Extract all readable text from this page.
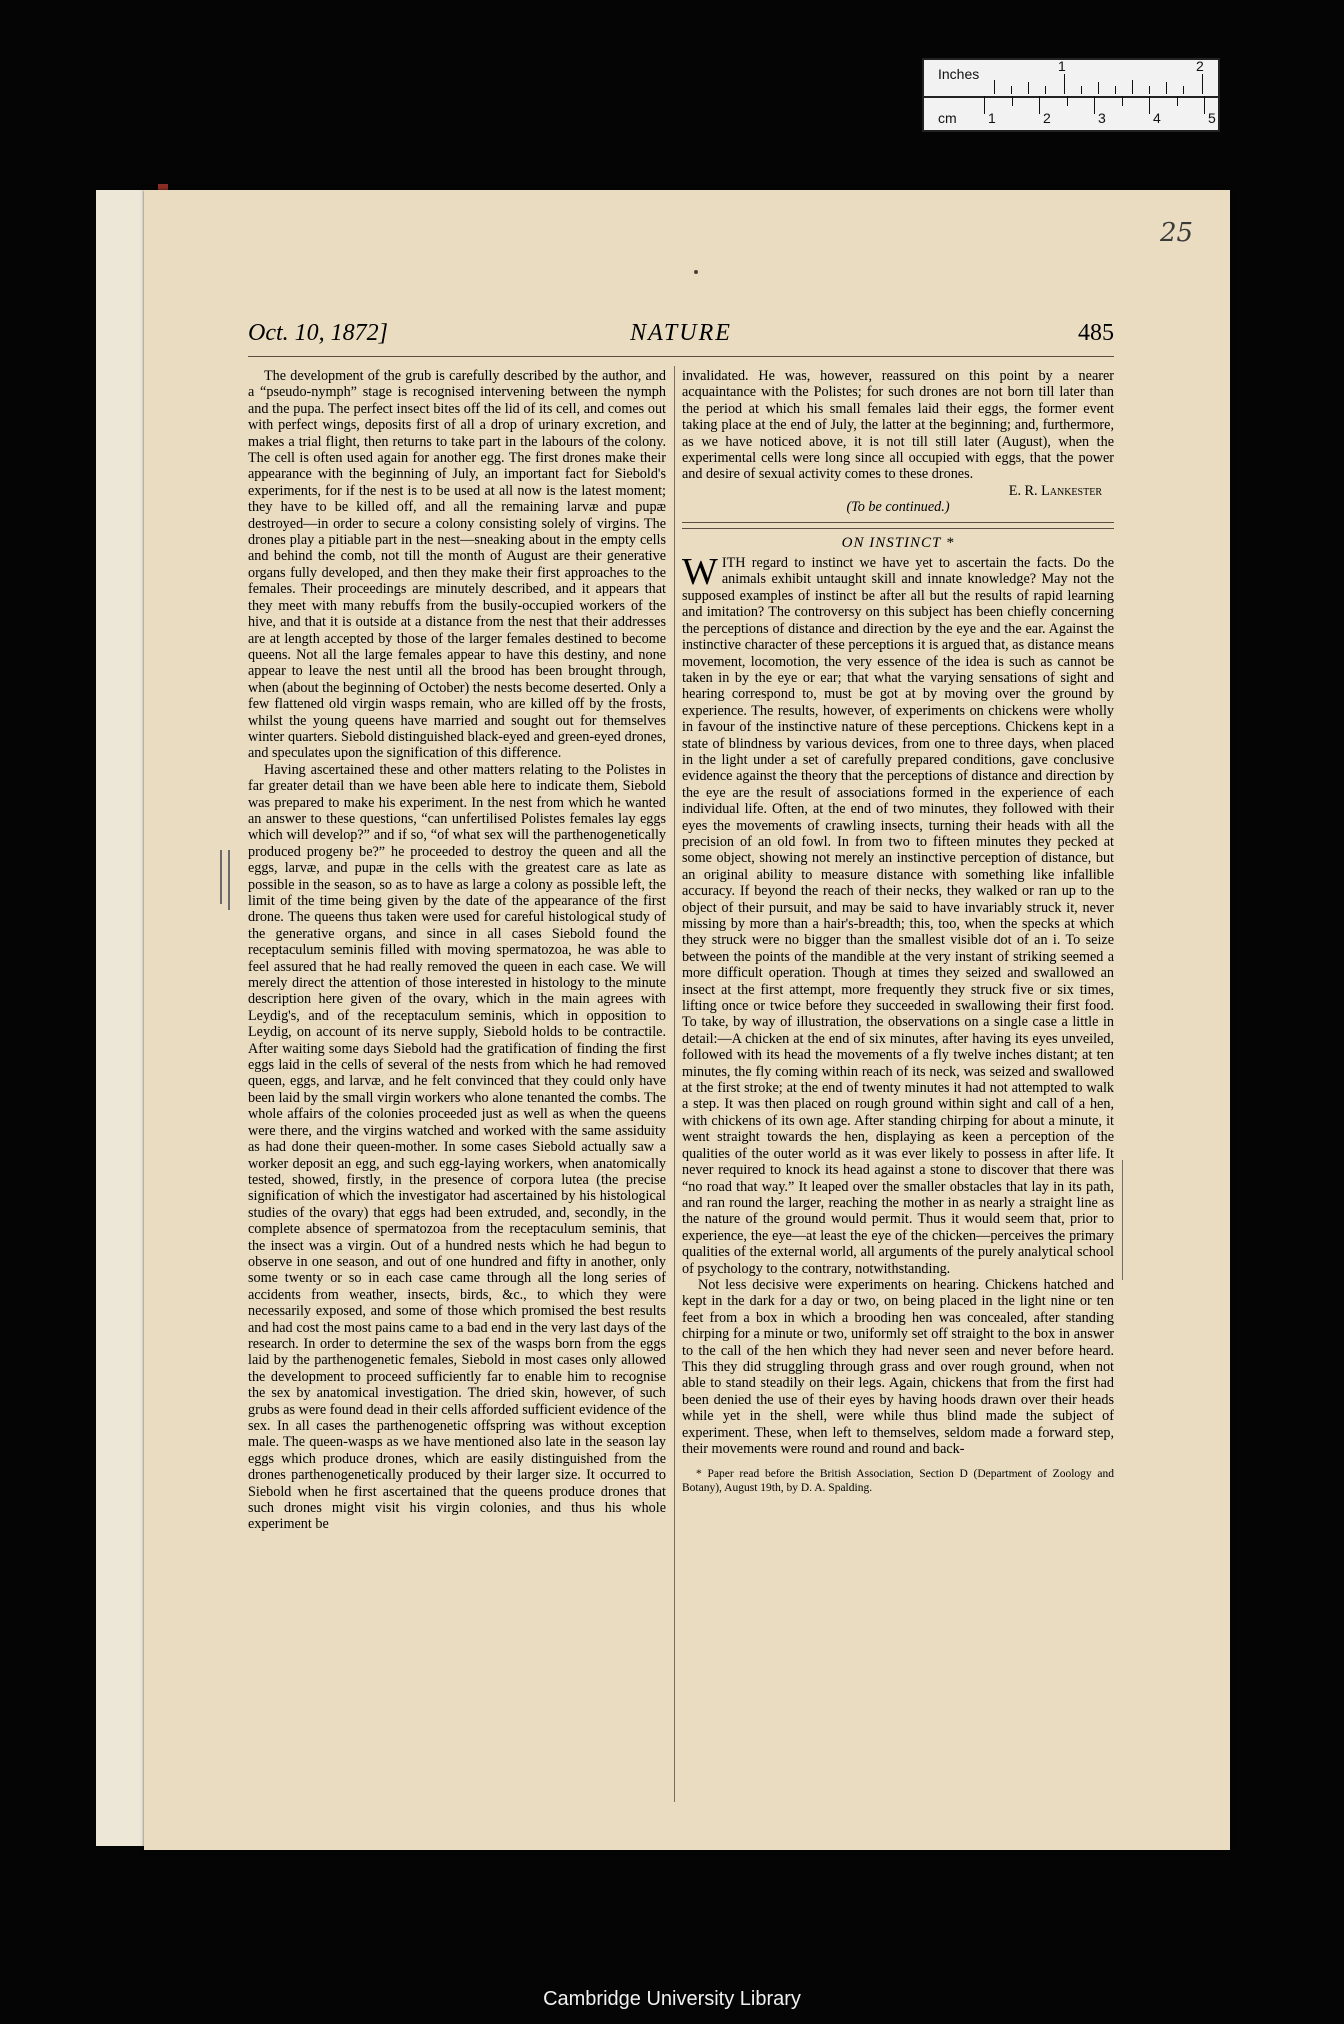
Inches	1	2
cm 1	2	3	4	5
25
Oct. 10, 1872]	NATURE	485

The development of the grub is carefully described by the author, and a “pseudo-nymph” stage is recognised intervening between the nymph and the pupa. The perfect insect bites off the lid of its cell, and comes out with perfect wings, deposits first of all a drop of urinary excretion, and makes a trial flight, then returns to take part in the labours of the colony. The cell is often used again for another egg. The first drones make their appearance with the beginning of July, an important fact for Siebold's experiments, for if the nest is to be used at all now is the latest moment; they have to be killed off, and all the remaining larvæ and pupæ destroyed—in order to secure a colony consisting solely of virgins. The drones play a pitiable part in the nest—sneaking about in the empty cells and behind the comb, not till the month of August are their generative organs fully developed, and then they make their first approaches to the females. Their proceedings are minutely described, and it appears that they meet with many rebuffs from the busily-occupied workers of the hive, and that it is outside at a distance from the nest that their addresses are at length accepted by those of the larger females destined to become queens. Not all the large females appear to have this destiny, and none appear to leave the nest until all the brood has been brought through, when (about the beginning of October) the nests become deserted. Only a few flattened old virgin wasps remain, who are killed off by the frosts, whilst the young queens have married and sought out for themselves winter quarters. Siebold distinguished black-eyed and green-eyed drones, and speculates upon the signification of this difference.

Having ascertained these and other matters relating to the Polistes in far greater detail than we have been able here to indicate them, Siebold was prepared to make his experiment. In the nest from which he wanted an answer to these questions, “can unfertilised Polistes females lay eggs which will develop?” and if so, “of what sex will the parthenogenetically produced progeny be?” he proceeded to destroy the queen and all the eggs, larvæ, and pupæ in the cells with the greatest care as late as possible in the season, so as to have as large a colony as possible left, the limit of the time being given by the date of the appearance of the first drone. The queens thus taken were used for careful histological study of the generative organs, and since in all cases Siebold found the receptaculum seminis filled with moving spermatozoa, he was able to feel assured that he had really removed the queen in each case. We will merely direct the attention of those interested in histology to the minute description here given of the ovary, which in the main agrees with Leydig's, and of the receptaculum seminis, which in opposition to Leydig, on account of its nerve supply, Siebold holds to be contractile. After waiting some days Siebold had the gratification of finding the first eggs laid in the cells of several of the nests from which he had removed queen, eggs, and larvæ, and he felt convinced that they could only have been laid by the small virgin workers who alone tenanted the combs. The whole affairs of the colonies proceeded just as well as when the queens were there, and the virgins watched and worked with the same assiduity as had done their queen-mother. In some cases Siebold actually saw a worker deposit an egg, and such egg-laying workers, when anatomically tested, showed, firstly, in the presence of corpora lutea (the precise signification of which the investigator had ascertained by his histological studies of the ovary) that eggs had been extruded, and, secondly, in the complete absence of spermatozoa from the receptaculum seminis, that the insect was a virgin. Out of a hundred nests which he had begun to observe in one season, and out of one hundred and fifty in another, only some twenty or so in each case came through all the long series of accidents from weather, insects, birds, &c., to which they were necessarily exposed, and some of those which promised the best results and had cost the most pains came to a bad end in the very last days of the research. In order to determine the sex of the wasps born from the eggs laid by the parthenogenetic females, Siebold in most cases only allowed the development to proceed sufficiently far to enable him to recognise the sex by anatomical investigation. The dried skin, however, of such grubs as were found dead in their cells afforded sufficient evidence of the sex. In all cases the parthenogenetic offspring was without exception male. The queen-wasps as we have mentioned also late in the season lay eggs which produce drones, which are easily distinguished from the drones parthenogenetically produced by their larger size. It occurred to Siebold when he first ascertained that the queens produce drones that such drones might visit his virgin colonies, and thus his whole experiment be

invalidated. He was, however, reassured on this point by a nearer acquaintance with the Polistes; for such drones are not born till later than the period at which his small females laid their eggs, the former event taking place at the end of July, the latter at the beginning; and, furthermore, as we have noticed above, it is not till still later (August), when the experimental cells were long since all occupied with eggs, that the power and desire of sexual activity comes to these drones.

E. R. Lankester
(To be continued.)
ON INSTINCT *

WITH regard to instinct we have yet to ascertain the facts. Do the animals exhibit untaught skill and innate knowledge? May not the supposed examples of instinct be after all but the results of rapid learning and imitation? The controversy on this subject has been chiefly concerning the perceptions of distance and direction by the eye and the ear. Against the instinctive character of these perceptions it is argued that, as distance means movement, locomotion, the very essence of the idea is such as cannot be taken in by the eye or ear; that what the varying sensations of sight and hearing correspond to, must be got at by moving over the ground by experience. The results, however, of experiments on chickens were wholly in favour of the instinctive nature of these perceptions. Chickens kept in a state of blindness by various devices, from one to three days, when placed in the light under a set of carefully prepared conditions, gave conclusive evidence against the theory that the perceptions of distance and direction by the eye are the result of associations formed in the experience of each individual life. Often, at the end of two minutes, they followed with their eyes the movements of crawling insects, turning their heads with all the precision of an old fowl. In from two to fifteen minutes they pecked at some object, showing not merely an instinctive perception of distance, but an original ability to measure distance with something like infallible accuracy. If beyond the reach of their necks, they walked or ran up to the object of their pursuit, and may be said to have invariably struck it, never missing by more than a hair's-breadth; this, too, when the specks at which they struck were no bigger than the smallest visible dot of an i. To seize between the points of the mandible at the very instant of striking seemed a more difficult operation. Though at times they seized and swallowed an insect at the first attempt, more frequently they struck five or six times, lifting once or twice before they succeeded in swallowing their first food. To take, by way of illustration, the observations on a single case a little in detail:—A chicken at the end of six minutes, after having its eyes unveiled, followed with its head the movements of a fly twelve inches distant; at ten minutes, the fly coming within reach of its neck, was seized and swallowed at the first stroke; at the end of twenty minutes it had not attempted to walk a step. It was then placed on rough ground within sight and call of a hen, with chickens of its own age. After standing chirping for about a minute, it went straight towards the hen, displaying as keen a perception of the qualities of the outer world as it was ever likely to possess in after life. It never required to knock its head against a stone to discover that there was “no road that way.” It leaped over the smaller obstacles that lay in its path, and ran round the larger, reaching the mother in as nearly a straight line as the nature of the ground would permit. Thus it would seem that, prior to experience, the eye—at least the eye of the chicken—perceives the primary qualities of the external world, all arguments of the purely analytical school of psychology to the contrary, notwithstanding.

Not less decisive were experiments on hearing. Chickens hatched and kept in the dark for a day or two, on being placed in the light nine or ten feet from a box in which a brooding hen was concealed, after standing chirping for a minute or two, uniformly set off straight to the box in answer to the call of the hen which they had never seen and never before heard. This they did struggling through grass and over rough ground, when not able to stand steadily on their legs. Again, chickens that from the first had been denied the use of their eyes by having hoods drawn over their heads while yet in the shell, were while thus blind made the subject of experiment. These, when left to themselves, seldom made a forward step, their movements were round and round and back-

* Paper read before the British Association, Section D (Department of Zoology and Botany), August 19th, by D. A. Spalding.
Cambridge University Library
